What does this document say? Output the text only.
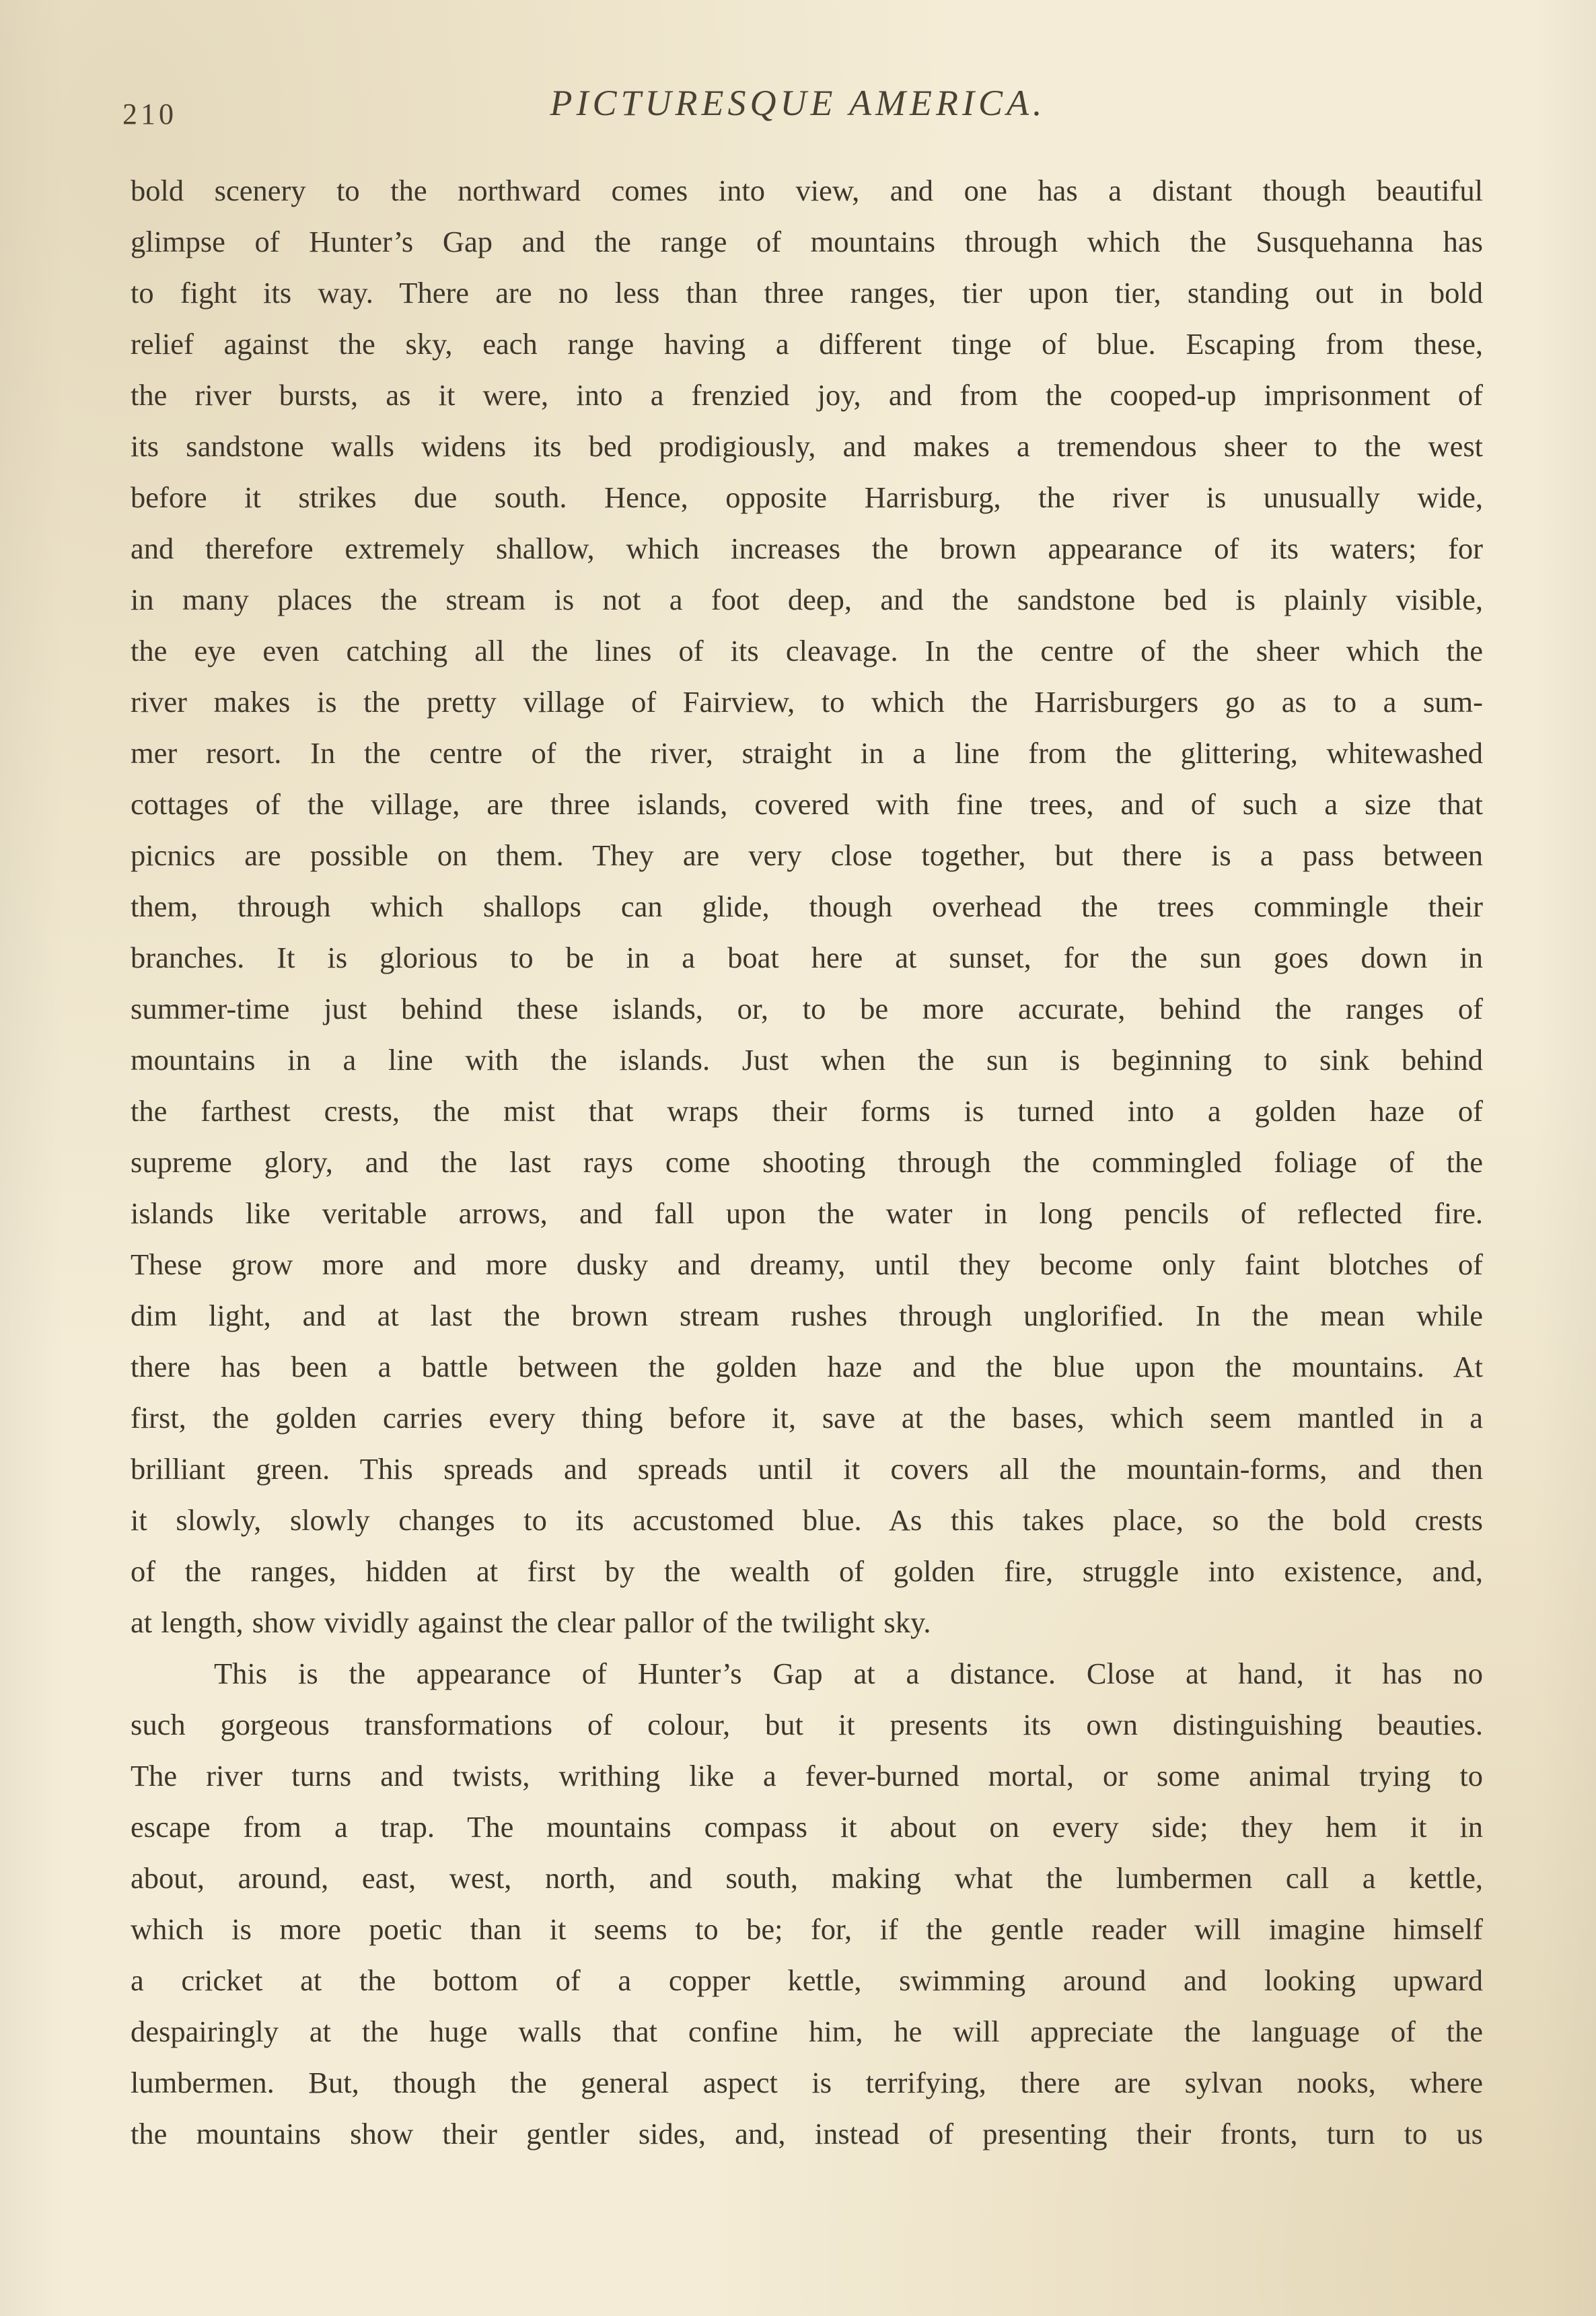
210	PICTURESQUE AMERICA.
bold scenery to the northward comes into view, and one has a distant though beautiful
glimpse of Hunter’s Gap and the range of mountains through which the Susquehanna has
to fight its way. There are no less than three ranges, tier upon tier, standing out in bold
relief against the sky, each range having a different tinge of blue. Escaping from these,
the river bursts, as it were, into a frenzied joy, and from the cooped-up imprisonment of
its sandstone walls widens its bed prodigiously, and makes a tremendous sheer to the west
before it strikes due south. Hence, opposite Harrisburg, the river is unusually wide,
and therefore extremely shallow, which increases the brown appearance of its waters; for
in many places the stream is not a foot deep, and the sandstone bed is plainly visible,
the eye even catching all the lines of its cleavage. In the centre of the sheer which the
river makes is the pretty village of Fairview, to which the Harrisburgers go as to a sum-
mer resort. In the centre of the river, straight in a line from the glittering, whitewashed
cottages of the village, are three islands, covered with fine trees, and of such a size that
picnics are possible on them. They are very close together, but there is a pass between
them, through which shallops can glide, though overhead the trees commingle their
branches. It is glorious to be in a boat here at sunset, for the sun goes down in
summer-time just behind these islands, or, to be more accurate, behind the ranges of
mountains in a line with the islands. Just when the sun is beginning to sink behind
the farthest crests, the mist that wraps their forms is turned into a golden haze of
supreme glory, and the last rays come shooting through the commingled foliage of the
islands like veritable arrows, and fall upon the water in long pencils of reflected fire.
These grow more and more dusky and dreamy, until they become only faint blotches of
dim light, and at last the brown stream rushes through unglorified. In the mean while
there has been a battle between the golden haze and the blue upon the mountains. At
first, the golden carries every thing before it, save at the bases, which seem mantled in a
brilliant green. This spreads and spreads until it covers all the mountain-forms, and then
it slowly, slowly changes to its accustomed blue. As this takes place, so the bold crests
of the ranges, hidden at first by the wealth of golden fire, struggle into existence, and,
at length, show vividly against the clear pallor of the twilight sky.
This is the appearance of Hunter’s Gap at a distance. Close at hand, it has no
such gorgeous transformations of colour, but it presents its own distinguishing beauties.
The river turns and twists, writhing like a fever-burned mortal, or some animal trying to
escape from a trap. The mountains compass it about on every side; they hem it in
about, around, east, west, north, and south, making what the lumbermen call a kettle,
which is more poetic than it seems to be; for, if the gentle reader will imagine himself
a cricket at the bottom of a copper kettle, swimming around and looking upward
despairingly at the huge walls that confine him, he will appreciate the language of the
lumbermen. But, though the general aspect is terrifying, there are sylvan nooks, where
the mountains show their gentler sides, and, instead of presenting their fronts, turn to us
